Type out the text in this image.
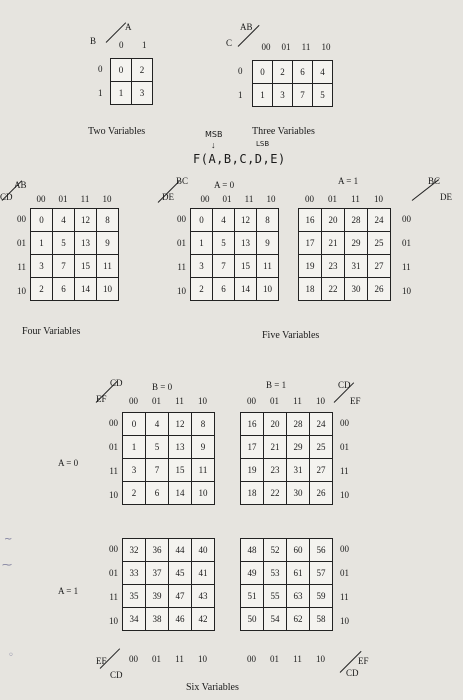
A
B	0 1
0
1
0	2
1	3
Two Variables
AB
C	00 01 11 10
0
1
0	2	6	4
1	3	7	5
Three Variables
MSB
↓	LSB
F(A,B,C,D,E)
AB
CD	00 01 11 10
00
01
11
10
0	4	12	8
1	5	13	9
3	7	15	11
2	6	14	10
Four Variables
BC
DE
A = 0	A = 1	BC
DE
00 01 11 10	00 01 11 10
00
01
11
10
00
01
11
10
0	4	12	8
1	5	13	9
3	7	15	11
2	6	14	10
16	20	28	24
17	21	29	25
19	23	31	27
18	22	30	26
Five Variables
CD
EF
B = 0	B = 1	CD
EF
00 01 11 10	00 01 11 10
00
01
11
10
00
01
11
10
00
01
11
10
00
01
11
10
A = 0
A = 1
0	4	12	8
1	5	13	9
3	7	15	11
2	6	14	10
16	20	28	24
17	21	29	25
19	23	31	27
18	22	30	26
32	36	44	40
33	37	45	41
35	39	47	43
34	38	46	42
48	52	60	56
49	53	61	57
51	55	63	59
50	54	62	58
00 01 11 10	00 01 11 10
EF
CD
EF
CD
Six Variables
~
⁓
◦
